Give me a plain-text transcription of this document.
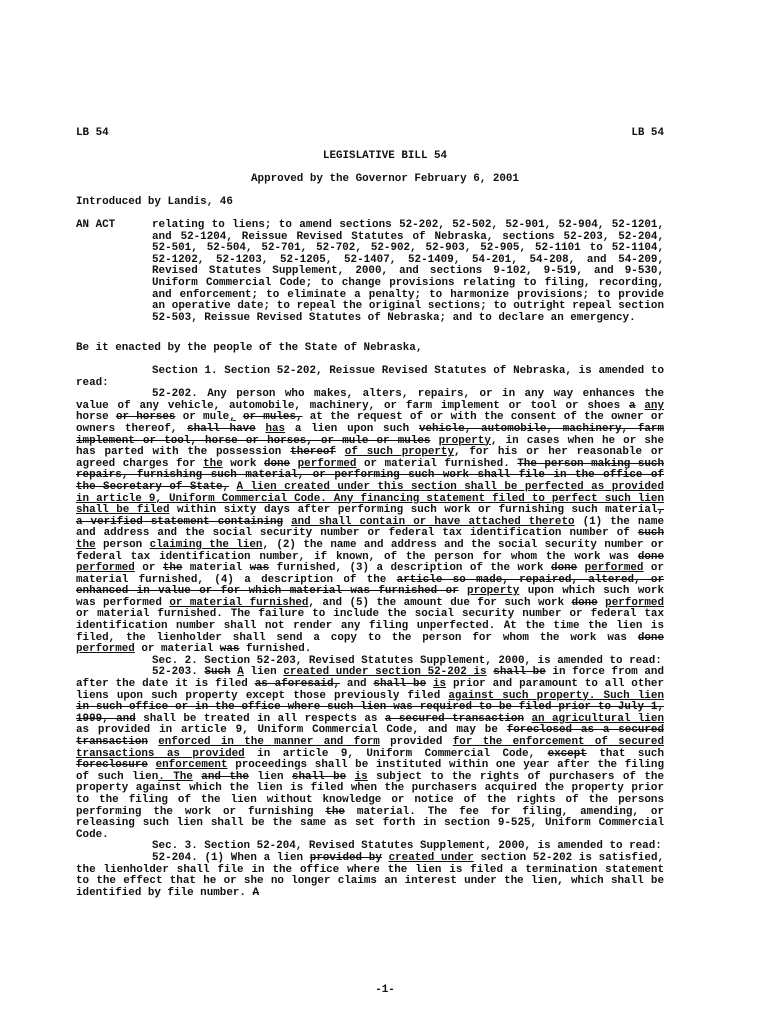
LB 54	LB 54
LEGISLATIVE BILL 54
Approved by the Governor February 6, 2001
Introduced by Landis, 46
AN ACT	relating to liens; to amend sections 52-202, 52-502, 52-901, 52-904, 52-1201, and 52-1204, Reissue Revised Statutes of Nebraska, sections 52-203, 52-204, 52-501, 52-504, 52-701, 52-702, 52-902, 52-903, 52-905, 52-1101 to 52-1104, 52-1202, 52-1203, 52-1205, 52-1407, 52-1409, 54-201, 54-208, and 54-209, Revised Statutes Supplement, 2000, and sections 9-102, 9-519, and 9-530, Uniform Commercial Code; to change provisions relating to filing, recording, and enforcement; to eliminate a penalty; to harmonize provisions; to provide an operative date; to repeal the original sections; to outright repeal section 52-503, Reissue Revised Statutes of Nebraska; and to declare an emergency.
Be it enacted by the people of the State of Nebraska,

Section 1. Section 52-202, Reissue Revised Statutes of Nebraska, is amended to read:

52-202. Any person who makes, alters, repairs, or in any way enhances the value of any vehicle, automobile, machinery, or farm implement or tool or shoes a any horse or horses or mule, or mules, at the request of or with the consent of the owner or owners thereof, shall have has a lien upon such vehicle, automobile, machinery, farm implement or tool, horse or horses, or mule or mules property, in cases when he or she has parted with the possession thereof of such property, for his or her reasonable or agreed charges for the work done performed or material furnished. The person making such repairs, furnishing such material, or performing such work shall file in the office of the Secretary of State, A lien created under this section shall be perfected as provided in article 9, Uniform Commercial Code. Any financing statement filed to perfect such lien shall be filed within sixty days after performing such work or furnishing such material, a verified statement containing and shall contain or have attached thereto (1) the name and address and the social security number or federal tax identification number of such the person claiming the lien, (2) the name and address and the social security number or federal tax identification number, if known, of the person for whom the work was done performed or the material was furnished, (3) a description of the work done performed or material furnished, (4) a description of the article so made, repaired, altered, or enhanced in value or for which material was furnished or property upon which such work was performed or material furnished, and (5) the amount due for such work done performed or material furnished. The failure to include the social security number or federal tax identification number shall not render any filing unperfected. At the time the lien is filed, the lienholder shall send a copy to the person for whom the work was done performed or material was furnished.

Sec. 2. Section 52-203, Revised Statutes Supplement, 2000, is amended to read:

52-203. Such A lien created under section 52-202 is shall be in force from and after the date it is filed as aforesaid, and shall be is prior and paramount to all other liens upon such property except those previously filed against such property. Such lien in such office or in the office where such lien was required to be filed prior to July 1, 1999, and shall be treated in all respects as a secured transaction an agricultural lien as provided in article 9, Uniform Commercial Code, and may be foreclosed as a secured transaction enforced in the manner and form provided for the enforcement of secured transactions as provided in article 9, Uniform Commercial Code, except that such foreclosure enforcement proceedings shall be instituted within one year after the filing of such lien. The and the lien shall be is subject to the rights of purchasers of the property against which the lien is filed when the purchasers acquired the property prior to the filing of the lien without knowledge or notice of the rights of the persons performing the work or furnishing the material. The fee for filing, amending, or releasing such lien shall be the same as set forth in section 9-525, Uniform Commercial Code.

Sec. 3. Section 52-204, Revised Statutes Supplement, 2000, is amended to read:

52-204. (1) When a lien provided by created under section 52-202 is satisfied, the lienholder shall file in the office where the lien is filed a termination statement to the effect that he or she no longer claims an interest under the lien, which shall be identified by file number. A

-1-
